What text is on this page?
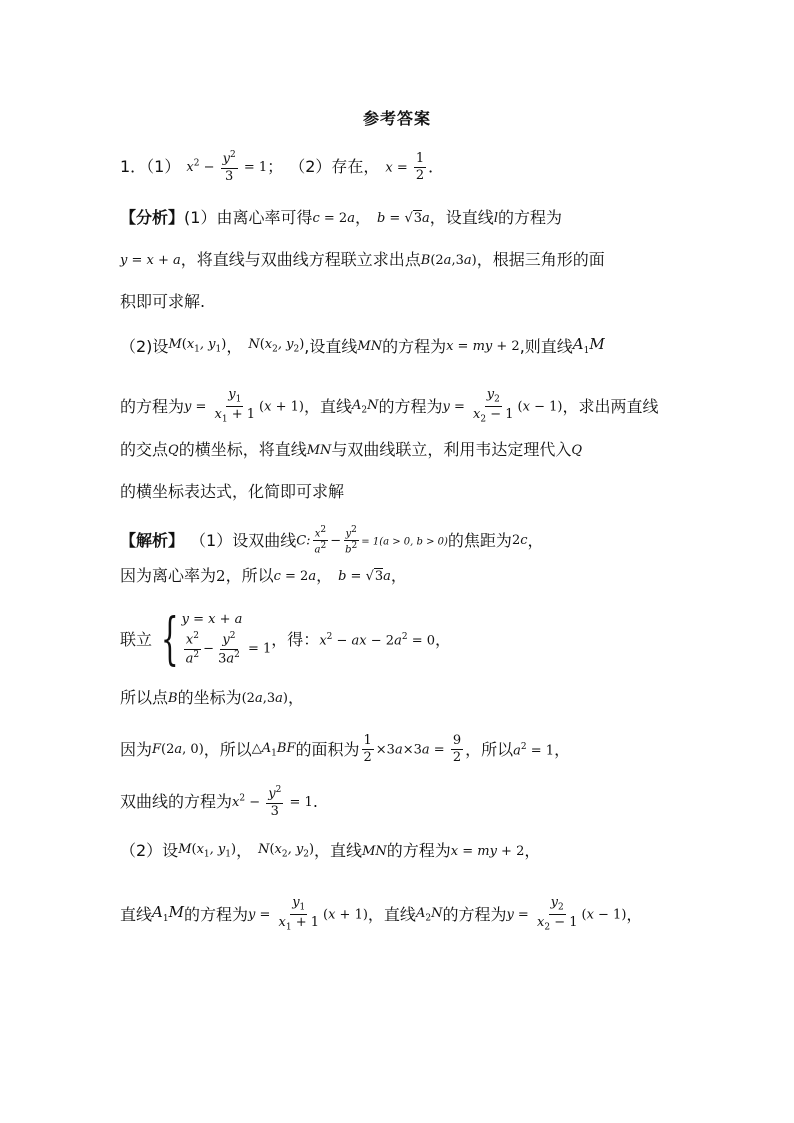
参考答案
1．（1） $x^2 - \frac{y^2}{3} = 1$ ； （2）存在， $x = \frac{1}{2}$ ．
【分析】 (1）由离心率可得 c = 2a ， b = √3a ，设直线 l 的方程为
y = x + a ，将直线与双曲线方程联立求出点 B(2a,3a) ，根据三角形的面
积即可求解.
（2)设 $M(x_1$, $y_1$) ， $N(x_2$, $y_2$) ,设直线 MN 的方程为 x = my + 2 ,则直线 $A_1M$
的方程为 $y = \frac{y_1}{x_1 + 1} (x + 1)$ ，直线 $A_2N$ 的方程为 $y = \frac{y_2}{x_2 - 1} (x - 1)$ ，求出两直线
的交点 Q 的横坐标，将直线 MN 与双曲线联立，利用韦达定理代入 Q
的横坐标表达式，化简即可求解
【解析】 （1）设双曲线 C: $\frac{x^2}{a^2} - \frac{y^2}{b^2} = 1(a > 0$, b > 0) 的焦距为 2c ，
因为离心率为 2 ，所以 c = 2a ， b = √3a ，
联立 { y = x + a
$\frac{x^2}{a^2} - \frac{y^2}{3a^2} = 1$
，得： $x^2$ − ax − $2a^2 = 0$ ，
所以点 B 的坐标为 (2a,3a) ，
因为 F(2a, 0) ，所以 $\triangle A_1BF$ 的面积为 $\frac{1}{2} \times 3a\times 3a = \frac{9}{2}$ ，所以 $a^2 = 1$ ，
双曲线的方程为 $x^2 - \frac{y^2}{3} = 1$ .
（2）设 $M(x_1$, $y_1$) ， $N(x_2$, $y_2$) ，直线 MN 的方程为 x = my + 2 ，
直线 $A_1M$ 的方程为 $y = \frac{y_1}{x_1 + 1} (x + 1)$ ，直线 $A_2N$ 的方程为 $y = \frac{y_2}{x_2 - 1} (x - 1)$ ，
